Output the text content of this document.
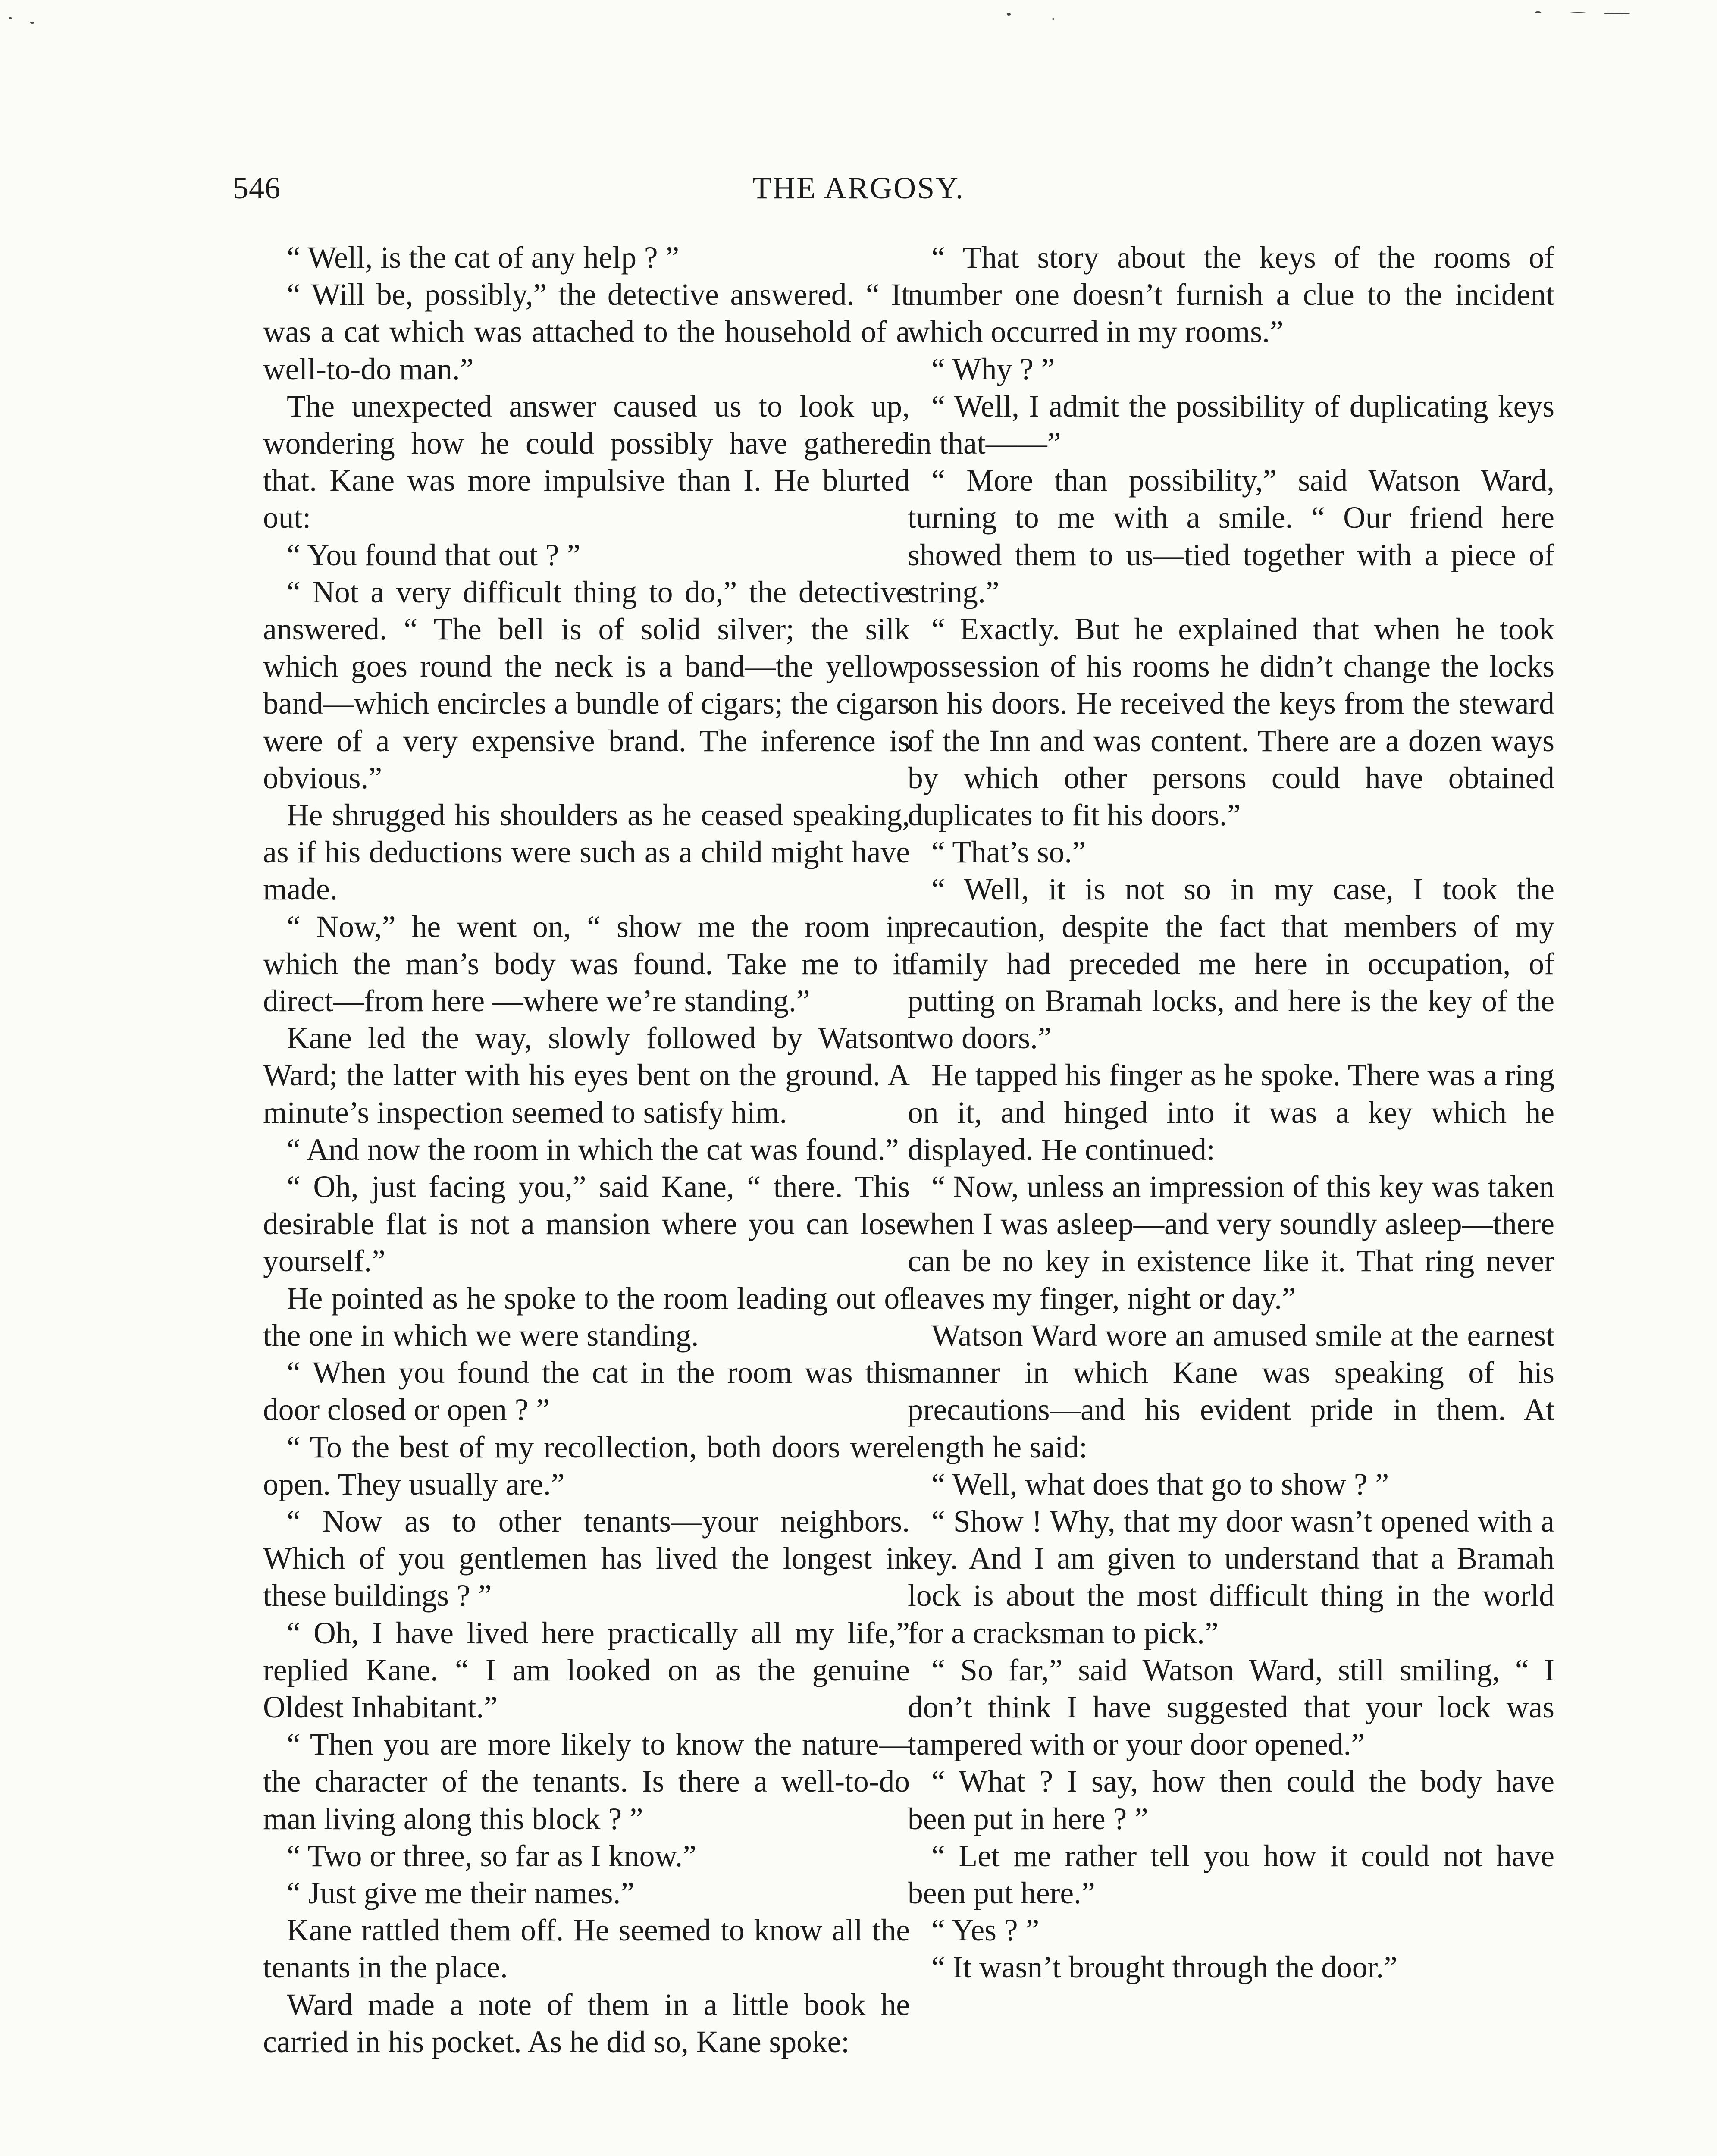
546	THE ARGOSY.

“ Well, is the cat of any help ? ”

“ Will be, possibly,” the detective answered. “ It was a cat which was attached to the household of a well-to-do man.”

The unexpected answer caused us to look up, wondering how he could possibly have gathered that. Kane was more impulsive than I. He blurted out:

“ You found that out ? ”

“ Not a very difficult thing to do,” the detective answered. “ The bell is of solid silver; the silk which goes round the neck is a band—the yellow band—which encircles a bundle of cigars; the cigars were of a very expensive brand. The inference is obvious.”

He shrugged his shoulders as he ceased speaking, as if his deductions were such as a child might have made.

“ Now,” he went on, “ show me the room in which the man’s body was found. Take me to it direct—from here —where we’re standing.”

Kane led the way, slowly followed by Watson Ward; the latter with his eyes bent on the ground. A minute’s inspection seemed to satisfy him.

“ And now the room in which the cat was found.”

“ Oh, just facing you,” said Kane, “ there. This desirable flat is not a mansion where you can lose yourself.”

He pointed as he spoke to the room leading out of the one in which we were standing.

“ When you found the cat in the room was this door closed or open ? ”

“ To the best of my recollection, both doors were open. They usually are.”

“ Now as to other tenants—your neighbors. Which of you gentlemen has lived the longest in these buildings ? ”

“ Oh, I have lived here practically all my life,” replied Kane. “ I am looked on as the genuine Oldest Inhabitant.”

“ Then you are more likely to know the nature—the character of the tenants. Is there a well-to-do man living along this block ? ”

“ Two or three, so far as I know.”

“ Just give me their names.”

Kane rattled them off. He seemed to know all the tenants in the place.

Ward made a note of them in a little book he carried in his pocket. As he did so, Kane spoke:

“ That story about the keys of the rooms of number one doesn’t furnish a clue to the incident which occurred in my rooms.”

“ Why ? ”

“ Well, I admit the possibility of duplicating keys in that——”

“ More than possibility,” said Watson Ward, turning to me with a smile. “ Our friend here showed them to us—tied together with a piece of string.”

“ Exactly. But he explained that when he took possession of his rooms he didn’t change the locks on his doors. He received the keys from the steward of the Inn and was content. There are a dozen ways by which other persons could have obtained duplicates to fit his doors.”

“ That’s so.”

“ Well, it is not so in my case, I took the precaution, despite the fact that members of my family had preceded me here in occupation, of putting on Bramah locks, and here is the key of the two doors.”

He tapped his finger as he spoke. There was a ring on it, and hinged into it was a key which he displayed. He continued:

“ Now, unless an impression of this key was taken when I was asleep—and very soundly asleep—there can be no key in existence like it. That ring never leaves my finger, night or day.”

Watson Ward wore an amused smile at the earnest manner in which Kane was speaking of his precautions—and his evident pride in them. At length he said:

“ Well, what does that go to show ? ”

“ Show ! Why, that my door wasn’t opened with a key. And I am given to understand that a Bramah lock is about the most difficult thing in the world for a cracksman to pick.”

“ So far,” said Watson Ward, still smiling, “ I don’t think I have suggested that your lock was tampered with or your door opened.”

“ What ? I say, how then could the body have been put in here ? ”

“ Let me rather tell you how it could not have been put here.”

“ Yes ? ”

“ It wasn’t brought through the door.”
